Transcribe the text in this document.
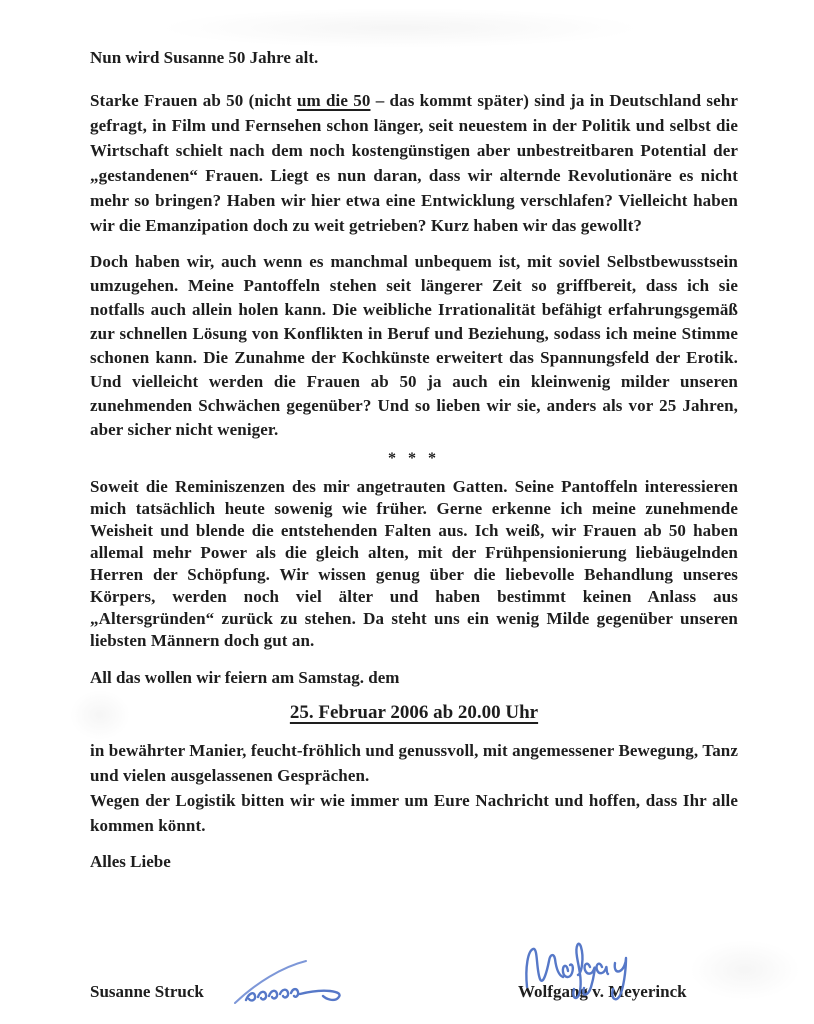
Nun wird Susanne 50 Jahre alt.

Starke Frauen ab 50 (nicht um die 50 – das kommt später) sind ja in Deutschland sehr gefragt, in Film und Fernsehen schon länger, seit neuestem in der Politik und selbst die Wirtschaft schielt nach dem noch kostengünstigen aber unbestreitbaren Potential der „gestandenen“ Frauen. Liegt es nun daran, dass wir alternde Revolutionäre es nicht mehr so bringen? Haben wir hier etwa eine Entwicklung verschlafen? Vielleicht haben wir die Emanzipation doch zu weit getrieben? Kurz haben wir das gewollt?

Doch haben wir, auch wenn es manchmal unbequem ist, mit soviel Selbstbewusstsein umzugehen. Meine Pantoffeln stehen seit längerer Zeit so griffbereit, dass ich sie notfalls auch allein holen kann. Die weibliche Irrationalität befähigt erfahrungsgemäß zur schnellen Lösung von Konflikten in Beruf und Beziehung, sodass ich meine Stimme schonen kann. Die Zunahme der Kochkünste erweitert das Spannungsfeld der Erotik. Und vielleicht werden die Frauen ab 50 ja auch ein kleinwenig milder unseren zunehmenden Schwächen gegenüber? Und so lieben wir sie, anders als vor 25 Jahren, aber sicher nicht weniger.

* * *

Soweit die Reminiszenzen des mir angetrauten Gatten. Seine Pantoffeln interessieren mich tatsächlich heute sowenig wie früher. Gerne erkenne ich meine zunehmende Weisheit und blende die entstehenden Falten aus. Ich weiß, wir Frauen ab 50 haben allemal mehr Power als die gleich alten, mit der Frühpensionierung liebäugelnden Herren der Schöpfung. Wir wissen genug über die liebevolle Behandlung unseres Körpers, werden noch viel älter und haben bestimmt keinen Anlass aus „Altersgründen“ zurück zu stehen. Da steht uns ein wenig Milde gegenüber unseren liebsten Männern doch gut an.

All das wollen wir feiern am Samstag. dem

25. Februar 2006 ab 20.00 Uhr

in bewährter Manier, feucht-fröhlich und genussvoll, mit angemessener Bewegung, Tanz und vielen ausgelassenen Gesprächen.

Wegen der Logistik bitten wir wie immer um Eure Nachricht und hoffen, dass Ihr alle kommen könnt.

Alles Liebe

Susanne Struck	Wolfgang v. Meyerinck
